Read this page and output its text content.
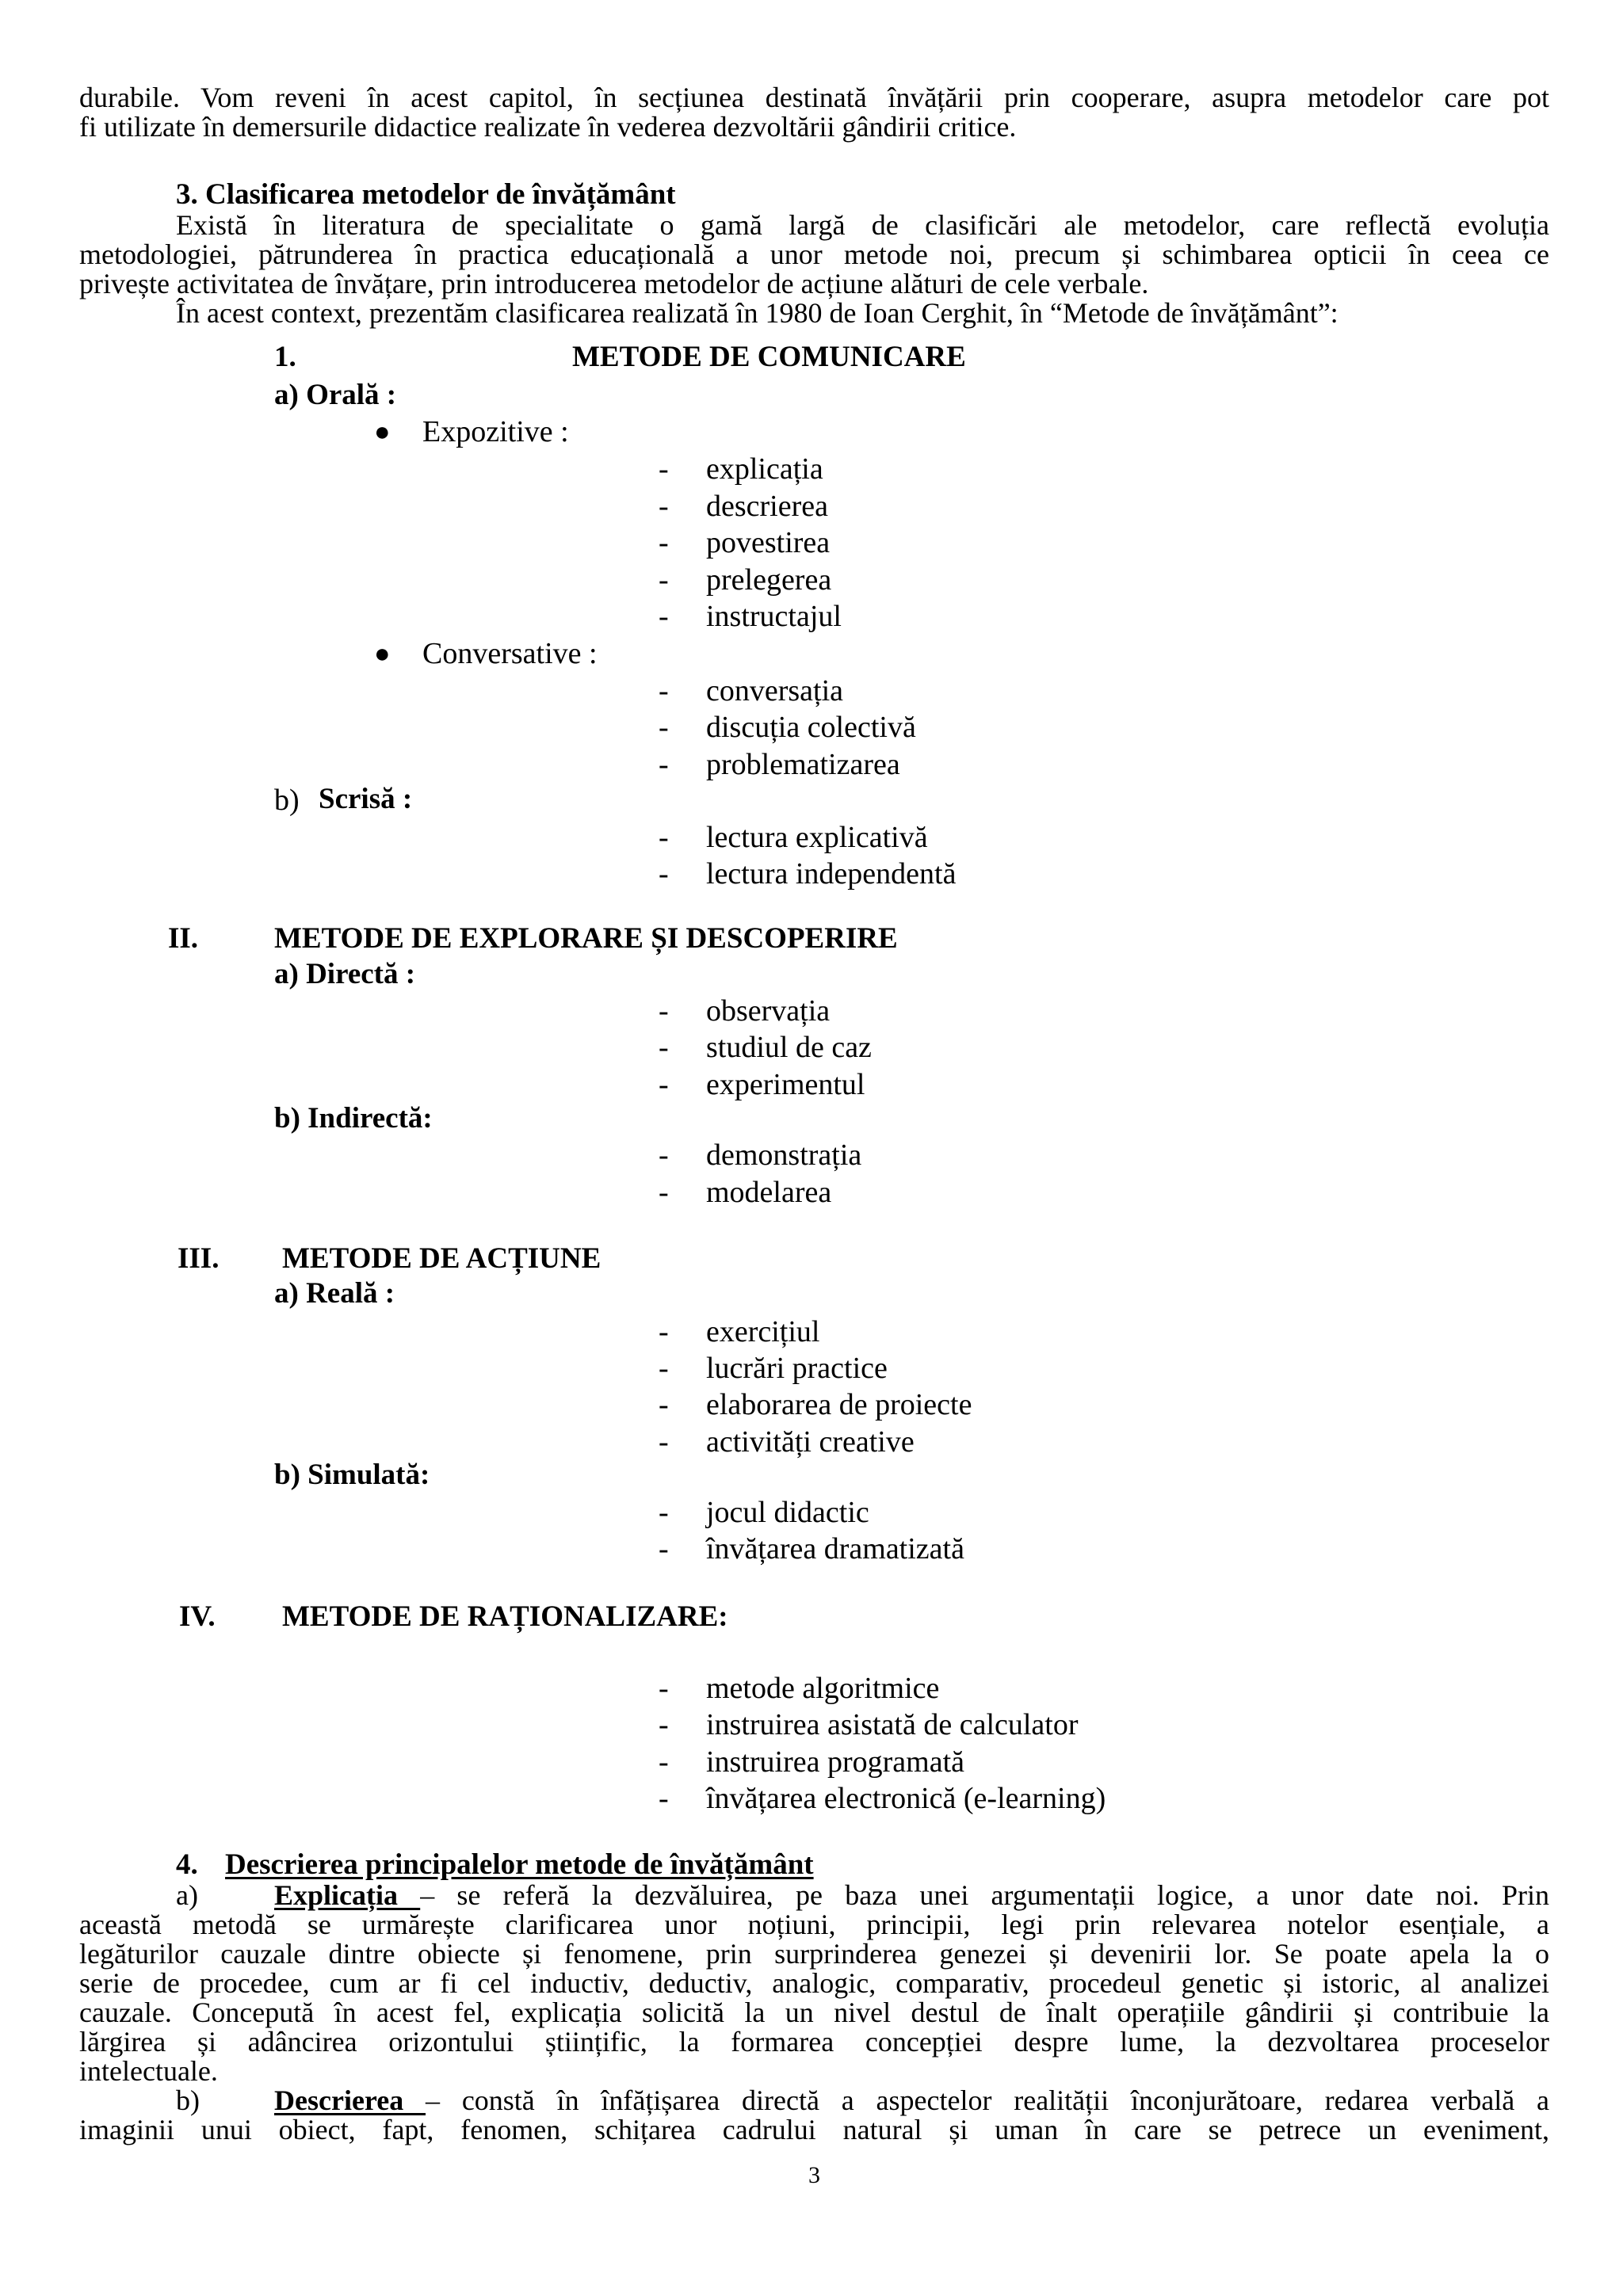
durabile. Vom reveni în acest capitol, în secțiunea destinată învățării prin cooperare, asupra metodelor care pot
fi utilizate în demersurile didactice realizate în vederea dezvoltării gândirii critice.
3. Clasificarea metodelor de învățământ
Există în literatura de specialitate o gamă largă de clasificări ale metodelor, care reflectă evoluția
metodologiei, pătrunderea în practica educațională a unor metode noi, precum și schimbarea opticii în ceea ce
privește activitatea de învățare, prin introducerea metodelor de acțiune alături de cele verbale.
În acest context, prezentăm clasificarea realizată în 1980 de Ioan Cerghit, în “Metode de învățământ”:
1.	METODE DE COMUNICARE
a) Orală :
● Expozitive :
- explicația
- descrierea
- povestirea
- prelegerea
- instructajul
● Conversative :
- conversația
- discuția colectivă
- problematizarea
b) Scrisă :
- lectura explicativă
- lectura independentă
II.	METODE DE EXPLORARE ȘI DESCOPERIRE
a) Directă :
- observația
- studiul de caz
- experimentul
b) Indirectă:
- demonstrația
- modelarea
III. METODE DE ACȚIUNE
a) Reală :
- exercițiul
- lucrări practice
- elaborarea de proiecte
- activități creative
b) Simulată:
- jocul didactic
- învățarea dramatizată
IV. METODE DE RAȚIONALIZARE:
- metode algoritmice
- instruirea asistată de calculator
- instruirea programată
- învățarea electronică (e-learning)
4. Descrierea principalelor metode de învățământ
a)	Explicația – se referă la dezvăluirea, pe baza unei argumentații logice, a unor date noi. Prin
această metodă se urmărește clarificarea unor noțiuni, principii, legi prin relevarea notelor esențiale, a
legăturilor cauzale dintre obiecte și fenomene, prin surprinderea genezei și devenirii lor. Se poate apela la o
serie de procedee, cum ar fi cel inductiv, deductiv, analogic, comparativ, procedeul genetic și istoric, al analizei
cauzale. Concepută în acest fel, explicația solicită la un nivel destul de înalt operațiile gândirii și contribuie la
lărgirea și adâncirea orizontului științific, la formarea concepției despre lume, la dezvoltarea proceselor
intelectuale.
b)	Descrierea – constă în înfățișarea directă a aspectelor realității înconjurătoare, redarea verbală a
imaginii unui obiect, fapt, fenomen, schițarea cadrului natural și uman în care se petrece un eveniment,
3
